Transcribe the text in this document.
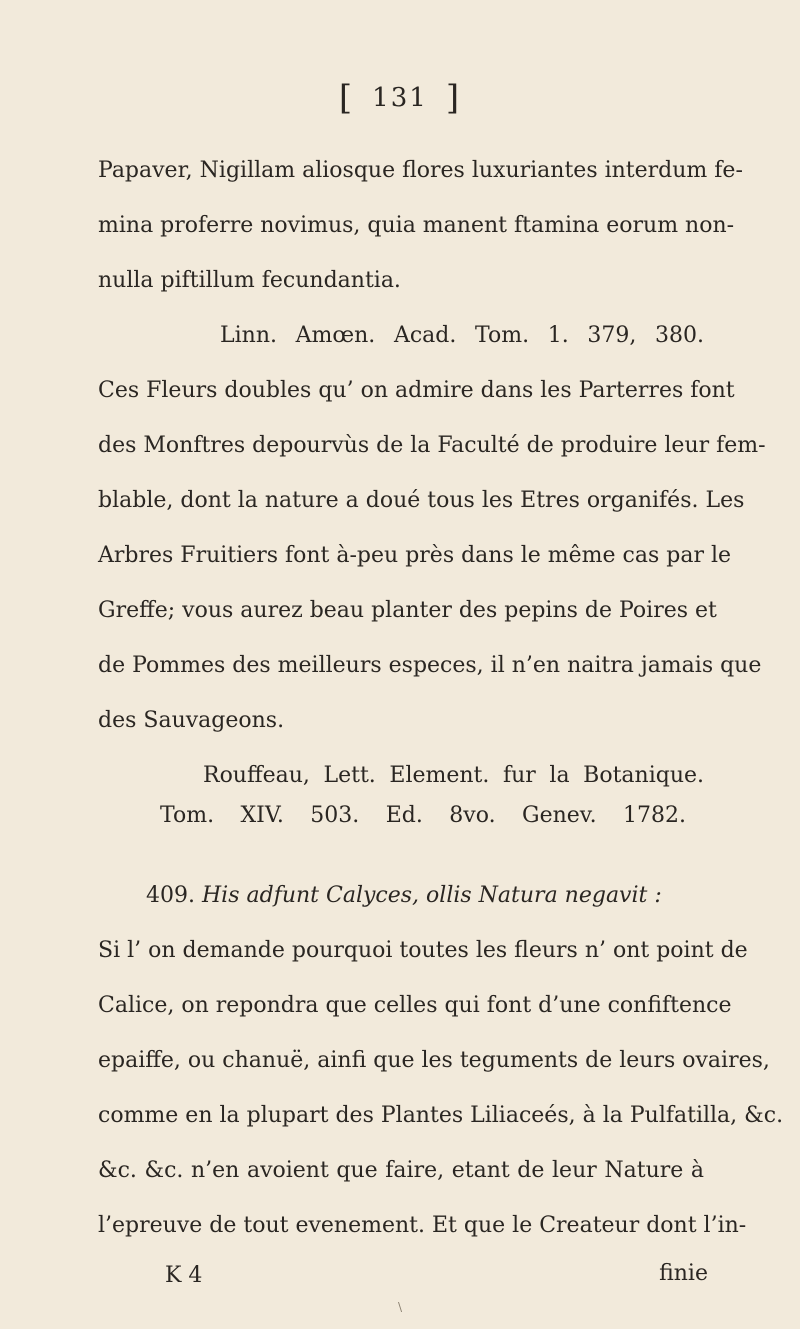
[ 131 ]
Papaver, Nigillam aliosque flores luxuriantes interdum fe-
mina proferre novimus, quia manent ftamina eorum non-
nulla piftillum fecundantia.
Linn. Amœn. Acad. Tom. 1. 379, 380.
Ces Fleurs doubles qu’ on admire dans les Parterres font
des Monftres depourvùs de la Faculté de produire leur fem-
blable, dont la nature a doué tous les Etres organifés. Les
Arbres Fruitiers font à-peu près dans le même cas par le
Greffe; vous aurez beau planter des pepins de Poires et
de Pommes des meilleurs especes, il n’en naitra jamais que
des Sauvageons.
Rouffeau, Lett. Element. fur la Botanique.
Tom. XIV. 503. Ed. 8vo. Genev. 1782.
409. His adfunt Calyces, ollis Natura negavit :
Si l’ on demande pourquoi toutes les fleurs n’ ont point de
Calice, on repondra que celles qui font d’une confiftence
epaiffe, ou chanuë, ainfi que les teguments de leurs ovaires,
comme en la plupart des Plantes Liliaceés, à la Pulfatilla, &c.
&c. &c. n’en avoient que faire, etant de leur Nature à
l’epreuve de tout evenement. Et que le Createur dont l’in-
K 4	finie
\
